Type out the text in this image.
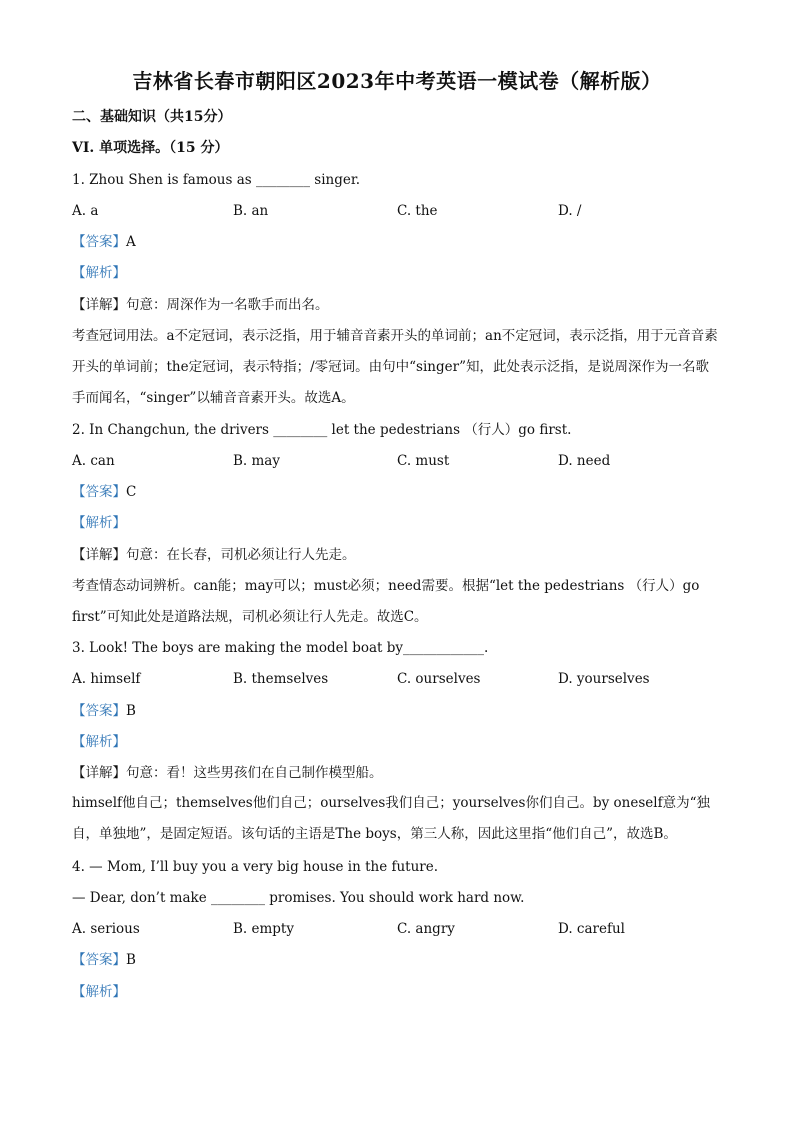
吉林省长春市朝阳区2023年中考英语一模试卷（解析版）
二、基础知识（共15分）
VI. 单项选择。（15 分）
1. Zhou Shen is famous as ________ singer.
A. a	B. an	C. the	D. /
【答案】A
【解析】
【详解】句意：周深作为一名歌手而出名。
考查冠词用法。a不定冠词，表示泛指，用于辅音音素开头的单词前；an不定冠词，表示泛指，用于元音音素开头的单词前；the定冠词，表示特指；/零冠词。由句中“singer”知，此处表示泛指，是说周深作为一名歌手而闻名，“singer”以辅音音素开头。故选A。
2. In Changchun, the drivers ________ let the pedestrians （行人）go first.
A. can	B. may	C. must	D. need
【答案】C
【解析】
【详解】句意：在长春，司机必须让行人先走。
考查情态动词辨析。can能；may可以；must必须；need需要。根据“let the pedestrians （行人）go first”可知此处是道路法规，司机必须让行人先走。故选C。
3. Look! The boys are making the model boat by____________.
A. himself	B. themselves	C. ourselves	D. yourselves
【答案】B
【解析】
【详解】句意：看！这些男孩们在自己制作模型船。
himself他自己；themselves他们自己；ourselves我们自己；yourselves你们自己。by oneself意为“独自，单独地”，是固定短语。该句话的主语是The boys，第三人称，因此这里指“他们自己”，故选B。
4. — Mom, I’ll buy you a very big house in the future.
— Dear, don’t make ________ promises. You should work hard now.
A. serious	B. empty	C. angry	D. careful
【答案】B
【解析】
